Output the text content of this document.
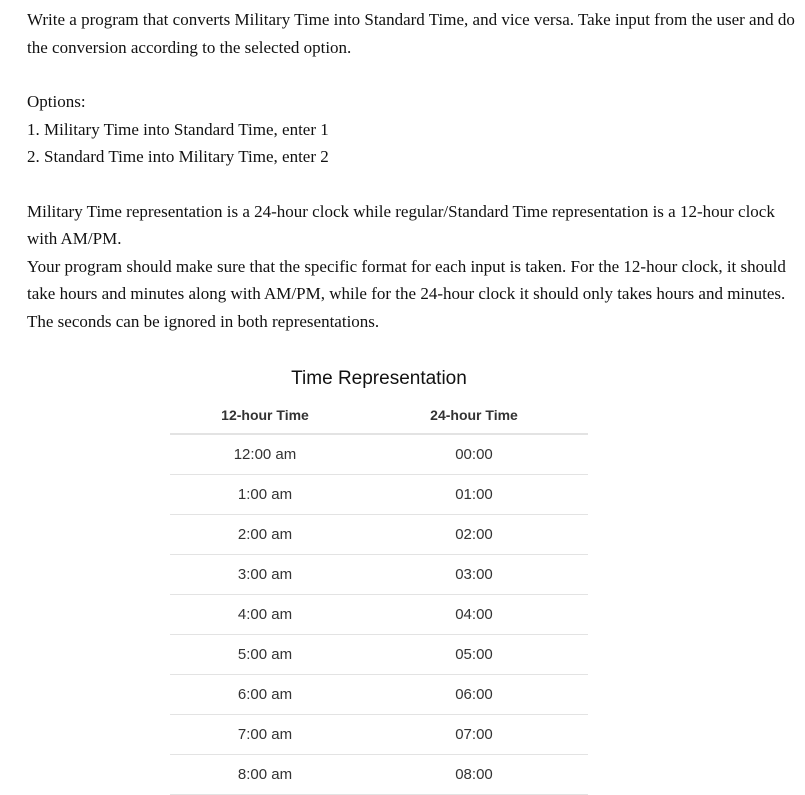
Write a program that converts Military Time into Standard Time, and vice versa. Take input from the user and do the conversion according to the selected option.

Options:

1. Military Time into Standard Time, enter 1

2. Standard Time into Military Time, enter 2

Military Time representation is a 24-hour clock while regular/Standard Time representation is a 12-hour clock with AM/PM.

Your program should make sure that the specific format for each input is taken. For the 12-hour clock, it should take hours and minutes along with AM/PM, while for the 24-hour clock it should only takes hours and minutes. The seconds can be ignored in both representations.

Time Representation
12-hour Time	24-hour Time
12:00 am	00:00
1:00 am	01:00
2:00 am	02:00
3:00 am	03:00
4:00 am	04:00
5:00 am	05:00
6:00 am	06:00
7:00 am	07:00
8:00 am	08:00
